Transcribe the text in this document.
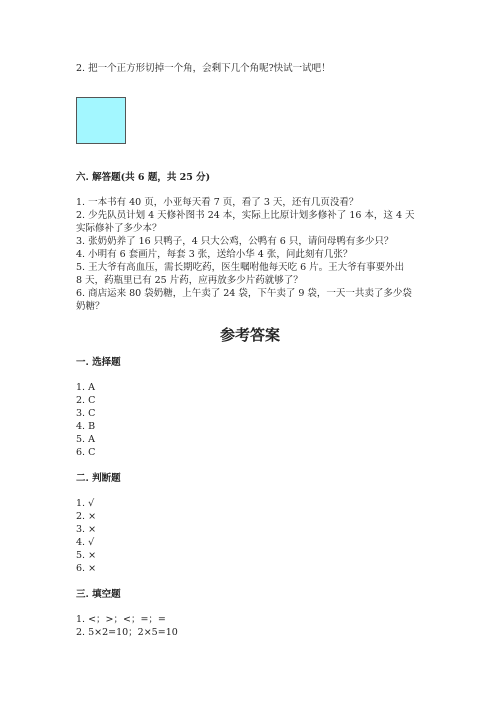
2. 把一个正方形切掉一个角，会剩下几个角呢?快试一试吧！
六. 解答题(共 6 题，共 25 分)
1. 一本书有 40 页，小亚每天看 7 页，看了 3 天，还有几页没看？
2. 少先队员计划 4 天修补图书 24 本，实际上比原计划多修补了 16 本，这 4 天
实际修补了多少本？
3. 张奶奶养了 16 只鸭子，4 只大公鸡，公鸭有 6 只，请问母鸭有多少只？
4. 小明有 6 套画片，每套 3 张，送给小华 4 张，问此刻有几张？
5. 王大爷有高血压，需长期吃药，医生嘱咐他每天吃 6 片。王大爷有事要外出
8 天，药瓶里已有 25 片药，应再放多少片药就够了？
6. 商店运来 80 袋奶糖，上午卖了 24 袋，下午卖了 9 袋，一天一共卖了多少袋
奶糖？
参考答案
一. 选择题
1. A
2. C
3. C
4. B
5. A
6. C
二. 判断题
1. √
2. ×
3. ×
4. √
5. ×
6. ×
三. 填空题
1. <；>；<；=；=
2. 5×2=10；2×5=10
